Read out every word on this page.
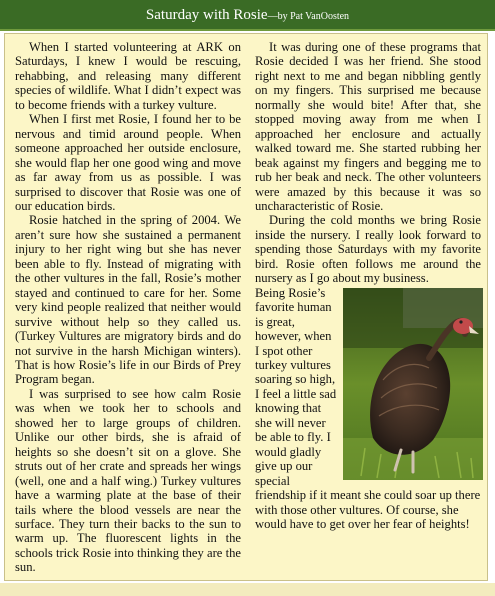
Saturday with Rosie—by Pat VanOosten

When I started volunteering at ARK on Saturdays, I knew I would be rescuing, rehabbing, and releasing many different species of wildlife. What I didn’t expect was to become friends with a turkey vulture.

When I first met Rosie, I found her to be nervous and timid around people. When someone approached her outside enclosure, she would flap her one good wing and move as far away from us as possible. I was surprised to discover that Rosie was one of our education birds.

Rosie hatched in the spring of 2004. We aren’t sure how she sustained a permanent injury to her right wing but she has never been able to fly. Instead of migrating with the other vultures in the fall, Rosie’s mother stayed and continued to care for her. Some very kind people realized that neither would survive without help so they called us. (Turkey Vultures are migratory birds and do not survive in the harsh Michigan winters). That is how Rosie’s life in our Birds of Prey Program began.

I was surprised to see how calm Rosie was when we took her to schools and showed her to large groups of children. Unlike our other birds, she is afraid of heights so she doesn’t sit on a glove. She struts out of her crate and spreads her wings (well, one and a half wing.) Turkey vultures have a warming plate at the base of their tails where the blood vessels are near the surface. They turn their backs to the sun to warm up. The fluorescent lights in the schools trick Rosie into thinking they are the sun.

It was during one of these programs that Rosie decided I was her friend. She stood right next to me and began nibbling gently on my fingers. This surprised me because normally she would bite! After that, she stopped moving away from me when I approached her enclosure and actually walked toward me. She started rubbing her beak against my fingers and begging me to rub her beak and neck. The other volunteers were amazed by this because it was so uncharacteristic of Rosie.

During the cold months we bring Rosie inside the nursery. I really look forward to spending those Saturdays with my favorite bird. Rosie often follows me around the nursery as I go about my business.

Being Rosie’s favorite human is great, however, when I spot other turkey vultures soaring so high, I feel a little sad knowing that she will never be able to fly. I would gladly give up our special friendship if it meant she could soar up there with those other vultures. Of course, she would have to get over her fear of heights!
